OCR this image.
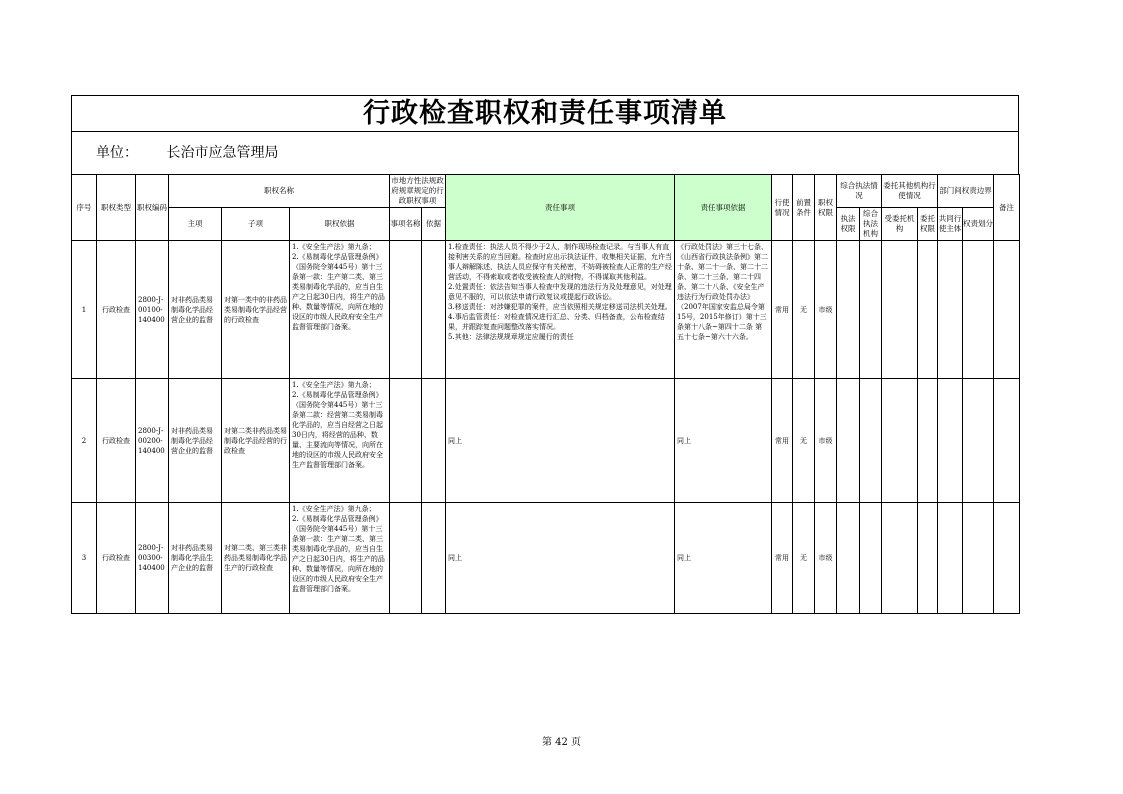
行政检查职权和责任事项清单
单位： 长治市应急管理局
序号	职权类型	职权编码	职权名称			市地方性法规政府规章规定的行政职权事项		责任事项	责任事项依据	行使情况	前置条件	职权权限	综合执法情况		委托其他机构行使情况		部门间权责边界		备注
			主项	子项	职权依据	事项名称	依据						执法权限	综合执法机构	受委托机构	委托权限	共同行使主体	权责划分	
1	行政检查	2800-J-00100-140400	对非药品类易制毒化学品经营企业的监督	对第一类中的非药品类易制毒化学品经营的行政检查	1.《安全生产法》第九条；
2.《易制毒化学品管理条例》（国务院令第445号）第十三条第一款：生产第二类、第三类易制毒化学品的，应当自生产之日起30日内，将生产的品种、数量等情况，向所在地的设区的市级人民政府安全生产监督管理部门备案。			1.检查责任：执法人员不得少于2人，制作现场检查记录。与当事人有直接利害关系的应当回避。检查时应出示执法证件，收集相关证据，允许当事人辩解陈述，执法人员应保守有关秘密，不妨碍被检查人正常的生产经营活动，不得索取或者收受被检查人的财物，不得谋取其他利益。
2.处置责任：依法告知当事人检查中发现的违法行为及处理意见，对处理意见不服的，可以依法申请行政复议或提起行政诉讼。
3.移送责任：对涉嫌犯罪的案件，应当依照相关规定移送司法机关处理。
4.事后监管责任：对检查情况进行汇总、分类、归档备查，公布检查结果，并跟踪复查问题整改落实情况。
5.其他：法律法规规章规定应履行的责任	《行政处罚法》第三十七条、《山西省行政执法条例》第二十条、第二十一条、第二十二条、第二十三条、第二十四条、第二十八条、《安全生产违法行为行政处罚办法》（2007年国家安监总局令第15号，2015年修订）第十三条第十八条~第四十二条 第五十七条~第六十六条。	常用	无	市级							
2	行政检查	2800-J-00200-140400	对非药品类易制毒化学品经营企业的监督	对第二类非药品类易制毒化学品经营的行政检查	1.《安全生产法》第九条；
2.《易制毒化学品管理条例》（国务院令第445号）第十三条第二款：经营第二类易制毒化学品的，应当自经营之日起30日内，将经营的品种、数量、主要流向等情况，向所在地的设区的市级人民政府安全生产监督管理部门备案。			同上	同上	常用	无	市级							
3	行政检查	2800-J-00300-140400	对非药品类易制毒化学品生产企业的监督	对第二类、第三类非药品类易制毒化学品生产的行政检查	1.《安全生产法》第九条；
2.《易制毒化学品管理条例》（国务院令第445号）第十三条第一款：生产第二类、第三类易制毒化学品的，应当自生产之日起30日内，将生产的品种、数量等情况，向所在地的设区的市级人民政府安全生产监督管理部门备案。			同上	同上	常用	无	市级							
第 42 页
